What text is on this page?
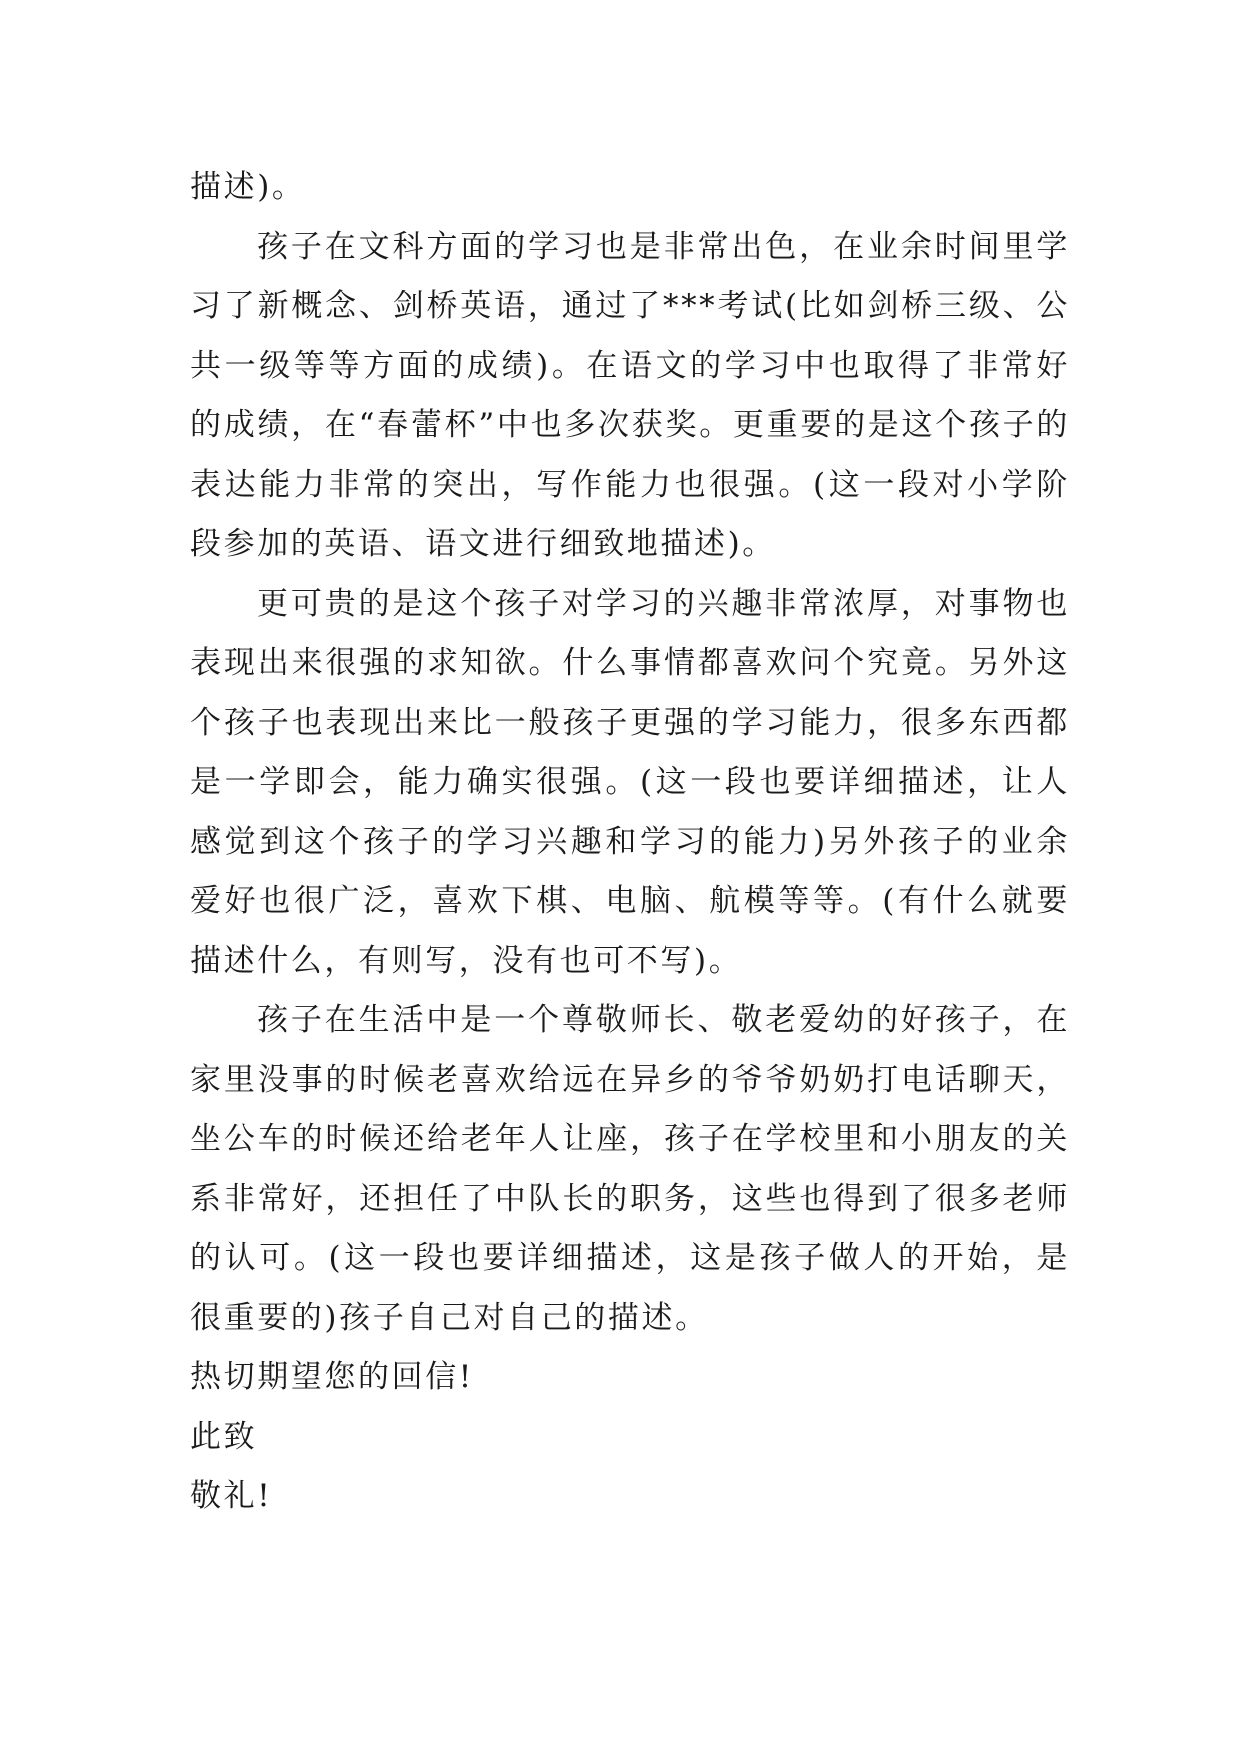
描述)。

孩子在文科方面的学习也是非常出色，在业余时间里学习了新概念、剑桥英语，通过了***考试(比如剑桥三级、公共一级等等方面的成绩)。在语文的学习中也取得了非常好的成绩，在“春蕾杯”中也多次获奖。更重要的是这个孩子的表达能力非常的突出，写作能力也很强。(这一段对小学阶段参加的英语、语文进行细致地描述)。

更可贵的是这个孩子对学习的兴趣非常浓厚，对事物也表现出来很强的求知欲。什么事情都喜欢问个究竟。另外这个孩子也表现出来比一般孩子更强的学习能力，很多东西都是一学即会，能力确实很强。(这一段也要详细描述，让人感觉到这个孩子的学习兴趣和学习的能力)另外孩子的业余爱好也很广泛，喜欢下棋、电脑、航模等等。(有什么就要描述什么，有则写，没有也可不写)。

孩子在生活中是一个尊敬师长、敬老爱幼的好孩子，在家里没事的时候老喜欢给远在异乡的爷爷奶奶打电话聊天，坐公车的时候还给老年人让座，孩子在学校里和小朋友的关系非常好，还担任了中队长的职务，这些也得到了很多老师的认可。(这一段也要详细描述，这是孩子做人的开始，是很重要的)孩子自己对自己的描述。

热切期望您的回信!

此致

敬礼!
